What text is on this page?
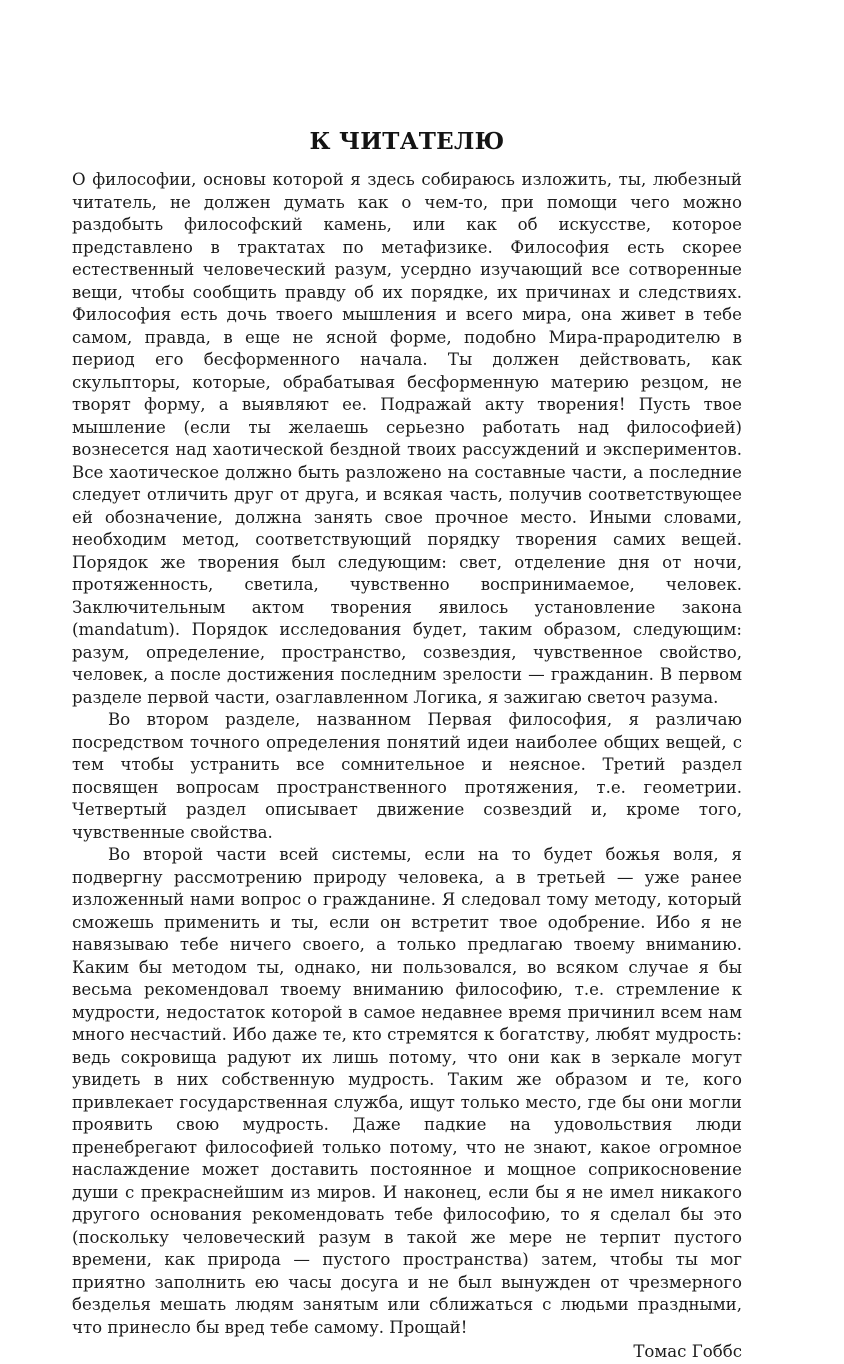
К ЧИТАТЕЛЮ

О философии, основы которой я здесь собираюсь изложить, ты, любезный читатель, не должен думать как о чем-то, при помощи чего можно раздобыть философский камень, или как об искусстве, которое представлено в трактатах по метафизике. Философия есть скорее естественный человеческий разум, усердно изучающий все сотворенные вещи, чтобы сообщить правду об их порядке, их причинах и следствиях. Философия есть дочь твоего мышления и всего мира, она живет в тебе самом, правда, в еще не ясной форме, подобно Мира-прародителю в период его бесформенного начала. Ты должен действовать, как скульпторы, которые, обрабатывая бесформенную материю резцом, не творят форму, а выявляют ее. Подражай акту творения! Пусть твое мышление (если ты желаешь серьезно работать над философией) вознесется над хаотической бездной твоих рассуждений и экспериментов. Все хаотическое должно быть разложено на составные части, а последние следует отличить друг от друга, и всякая часть, получив соответствующее ей обозначение, должна занять свое прочное место. Иными словами, необходим метод, соответствующий порядку творения самих вещей. Порядок же творения был следующим: свет, отделение дня от ночи, протяженность, светила, чувственно воспринимаемое, человек. Заключительным актом творения явилось установление закона (mandatum). Порядок исследования будет, таким образом, следующим: разум, определение, пространство, созвездия, чувственное свойство, человек, а после достижения последним зрелости — гражданин. В первом разделе первой части, озаглавленном Логика, я зажигаю светоч разума.

Во втором разделе, названном Первая философия, я различаю посредством точного определения понятий идеи наиболее общих вещей, с тем чтобы устранить все сомнительное и неясное. Третий раздел посвящен вопросам пространственного протяжения, т.е. геометрии. Четвертый раздел описывает движение созвездий и, кроме того, чувственные свойства.

Во второй части всей системы, если на то будет божья воля, я подвергну рассмотрению природу человека, а в третьей — уже ранее изложенный нами вопрос о гражданине. Я следовал тому методу, который сможешь применить и ты, если он встретит твое одобрение. Ибо я не навязываю тебе ничего своего, а только предлагаю твоему вниманию. Каким бы методом ты, однако, ни пользовался, во всяком случае я бы весьма рекомендовал твоему вниманию философию, т.е. стремление к мудрости, недостаток которой в самое недавнее время причинил всем нам много несчастий. Ибо даже те, кто стремятся к богатству, любят мудрость: ведь сокровища радуют их лишь потому, что они как в зеркале могут увидеть в них собственную мудрость. Таким же образом и те, кого привлекает государственная служба, ищут только место, где бы они могли проявить свою мудрость. Даже падкие на удовольствия люди пренебрегают философией только потому, что не знают, какое огромное наслаждение может доставить постоянное и мощное соприкосновение души с прекраснейшим из миров. И наконец, если бы я не имел никакого другого основания рекомендовать тебе философию, то я сделал бы это (поскольку человеческий разум в такой же мере не терпит пустого времени, как природа — пустого пространства) затем, чтобы ты мог приятно заполнить ею часы досуга и не был вынужден от чрезмерного безделья мешать людям занятым или сближаться с людьми праздными, что принесло бы вред тебе самому. Прощай!

Томас Гоббс
